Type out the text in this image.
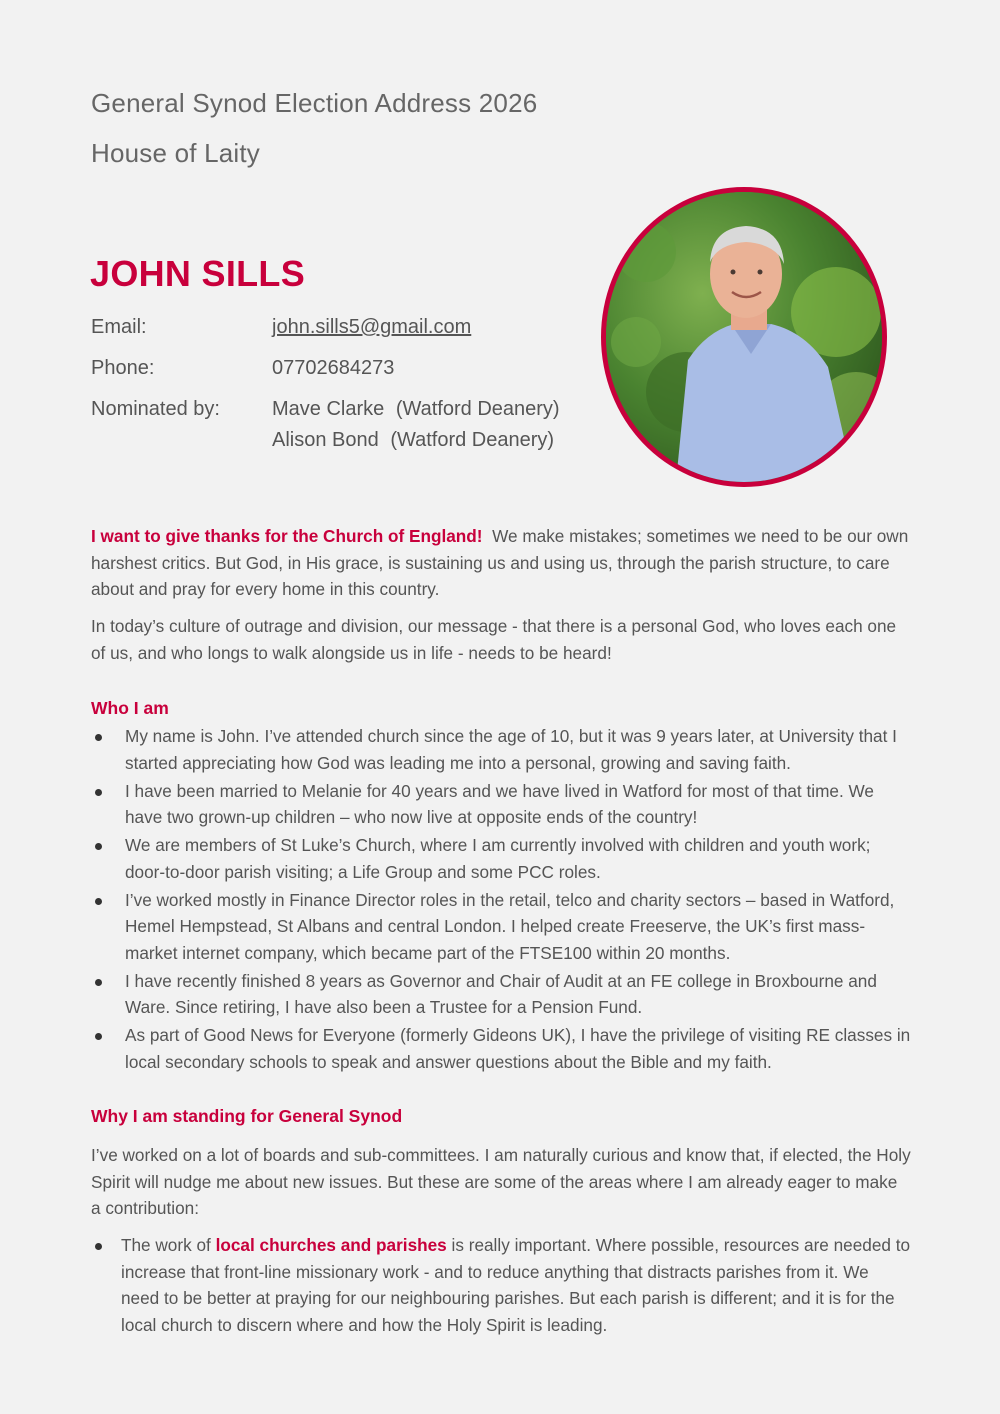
General Synod Election Address 2026
House of Laity
JOHN SILLS
Email:	john.sills5@gmail.com
Phone:	07702684273
Nominated by:	Mave Clarke (Watford Deanery)
Alison Bond (Watford Deanery)
I want to give thanks for the Church of England! We make mistakes; sometimes we need to be our own harshest critics. But God, in His grace, is sustaining us and using us, through the parish structure, to care about and pray for every home in this country.
In today’s culture of outrage and division, our message - that there is a personal God, who loves each one of us, and who longs to walk alongside us in life - needs to be heard!
Who I am
My name is John. I’ve attended church since the age of 10, but it was 9 years later, at University that I started appreciating how God was leading me into a personal, growing and saving faith.
I have been married to Melanie for 40 years and we have lived in Watford for most of that time. We have two grown-up children – who now live at opposite ends of the country!
We are members of St Luke’s Church, where I am currently involved with children and youth work; door-to-door parish visiting; a Life Group and some PCC roles.
I’ve worked mostly in Finance Director roles in the retail, telco and charity sectors – based in Watford, Hemel Hempstead, St Albans and central London. I helped create Freeserve, the UK’s first mass-market internet company, which became part of the FTSE100 within 20 months.
I have recently finished 8 years as Governor and Chair of Audit at an FE college in Broxbourne and Ware. Since retiring, I have also been a Trustee for a Pension Fund.
As part of Good News for Everyone (formerly Gideons UK), I have the privilege of visiting RE classes in local secondary schools to speak and answer questions about the Bible and my faith.
Why I am standing for General Synod
I’ve worked on a lot of boards and sub-committees. I am naturally curious and know that, if elected, the Holy Spirit will nudge me about new issues. But these are some of the areas where I am already eager to make a contribution:
The work of local churches and parishes is really important. Where possible, resources are needed to increase that front-line missionary work - and to reduce anything that distracts parishes from it. We need to be better at praying for our neighbouring parishes. But each parish is different; and it is for the local church to discern where and how the Holy Spirit is leading.
